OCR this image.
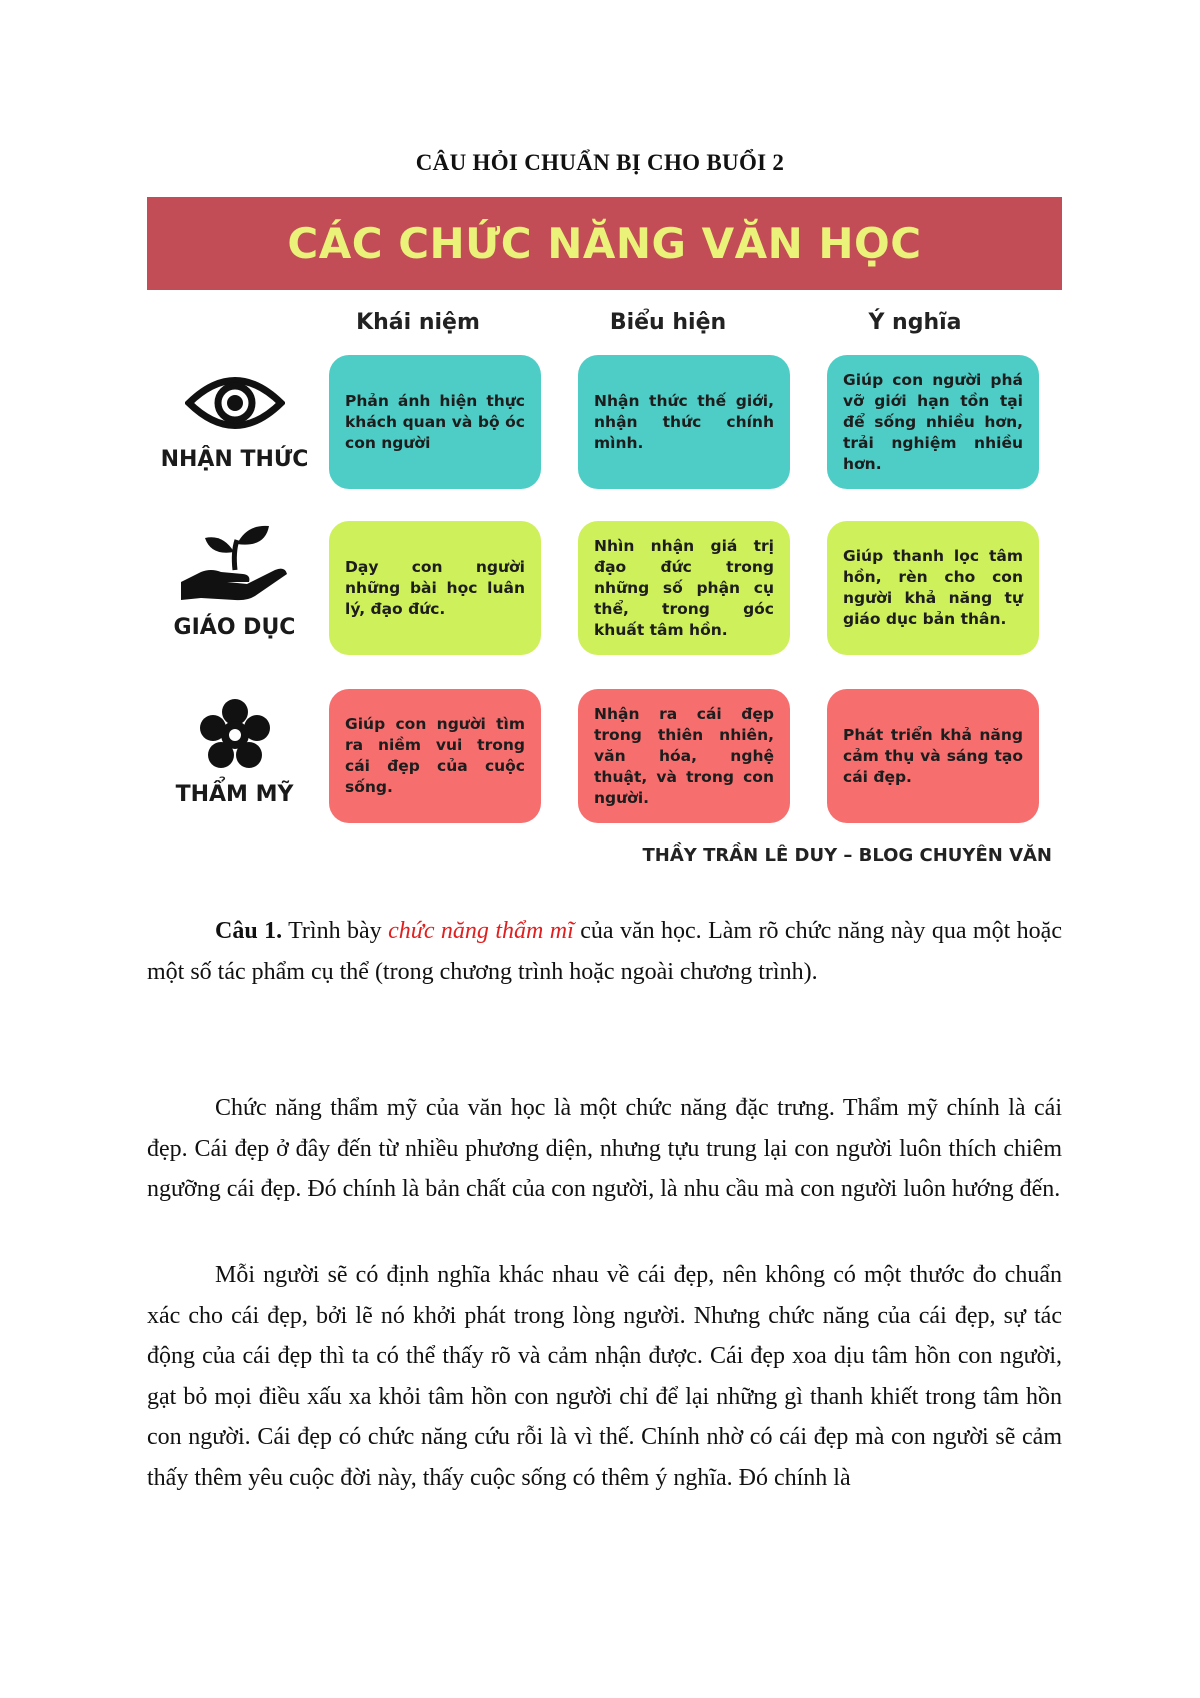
CÂU HỎI CHUẨN BỊ CHO BUỔI 2
CÁC CHỨC NĂNG VĂN HỌC
Khái niệm	Biểu hiện	Ý nghĩa
NHẬN THỨC
Phản ánh hiện thực khách quan và bộ óc con người
Nhận thức thế giới, nhận thức chính mình.
Giúp con người phá vỡ giới hạn tồn tại để sống nhiều hơn, trải nghiệm nhiều hơn.
GIÁO DỤC
Dạy con người những bài học luân lý, đạo đức.
Nhìn nhận giá trị đạo đức trong những số phận cụ thể, trong góc khuất tâm hồn.
Giúp thanh lọc tâm hồn, rèn cho con người khả năng tự giáo dục bản thân.
THẨM MỸ
Giúp con người tìm ra niềm vui trong cái đẹp của cuộc sống.
Nhận ra cái đẹp trong thiên nhiên, văn hóa, nghệ thuật, và trong con người.
Phát triển khả năng cảm thụ và sáng tạo cái đẹp.
THẦY TRẦN LÊ DUY – BLOG CHUYÊN VĂN

Câu 1. Trình bày chức năng thẩm mĩ của văn học. Làm rõ chức năng này qua một hoặc một số tác phẩm cụ thể (trong chương trình hoặc ngoài chương trình).

Chức năng thẩm mỹ của văn học là một chức năng đặc trưng. Thẩm mỹ chính là cái đẹp. Cái đẹp ở đây đến từ nhiều phương diện, nhưng tựu trung lại con người luôn thích chiêm ngưỡng cái đẹp. Đó chính là bản chất của con người, là nhu cầu mà con người luôn hướng đến.

Mỗi người sẽ có định nghĩa khác nhau về cái đẹp, nên không có một thước đo chuẩn xác cho cái đẹp, bởi lẽ nó khởi phát trong lòng người. Nhưng chức năng của cái đẹp, sự tác động của cái đẹp thì ta có thể thấy rõ và cảm nhận được. Cái đẹp xoa dịu tâm hồn con người, gạt bỏ mọi điều xấu xa khỏi tâm hồn con người chỉ để lại những gì thanh khiết trong tâm hồn con người. Cái đẹp có chức năng cứu rỗi là vì thế. Chính nhờ có cái đẹp mà con người sẽ cảm thấy thêm yêu cuộc đời này, thấy cuộc sống có thêm ý nghĩa. Đó chính là
